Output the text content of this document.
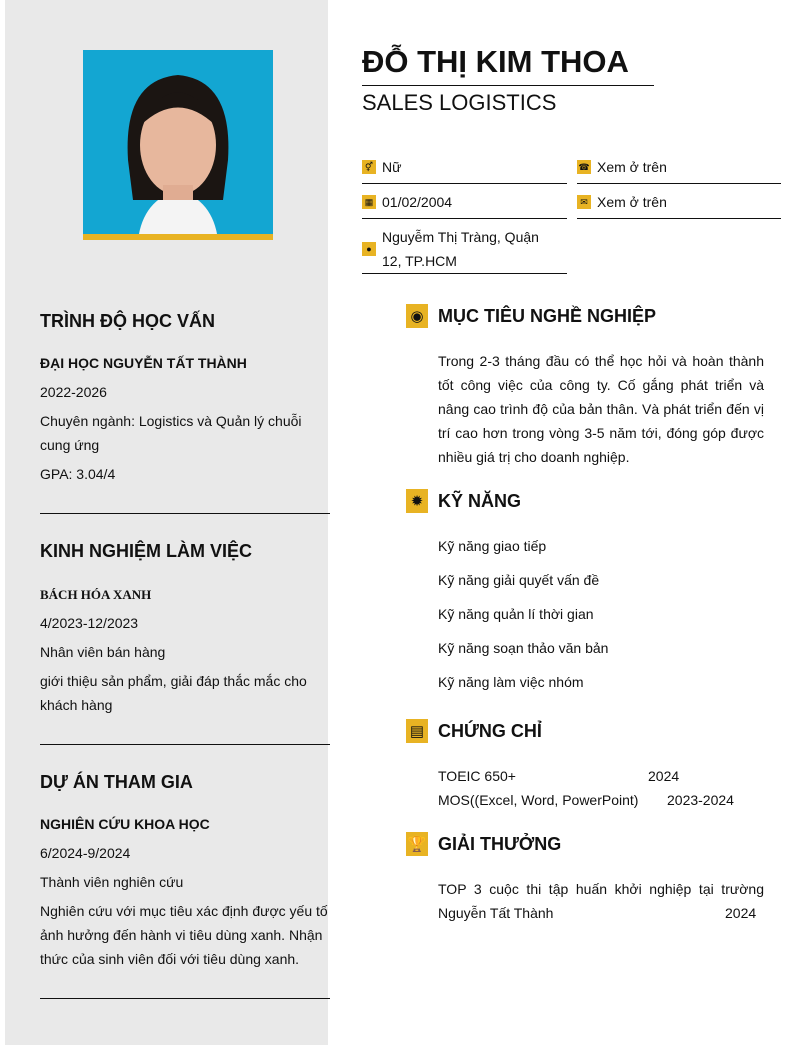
TRÌNH ĐỘ HỌC VẤN
ĐẠI HỌC NGUYỄN TẤT THÀNH
2022-2026
Chuyên ngành: Logistics và Quản lý chuỗi cung ứng
GPA: 3.04/4
KINH NGHIỆM LÀM VIỆC
BÁCH HÓA XANH
4/2023-12/2023
Nhân viên bán hàng
giới thiệu sản phẩm, giải đáp thắc mắc cho khách hàng
DỰ ÁN THAM GIA
NGHIÊN CỨU KHOA HỌC
6/2024-9/2024
Thành viên nghiên cứu
Nghiên cứu với mục tiêu xác định được yếu tố ảnh hưởng đến hành vi tiêu dùng xanh. Nhận thức của sinh viên đối với tiêu dùng xanh.
ĐỖ THỊ KIM THOA
SALES LOGISTICS
⚥ Nữ	☎ Xem ở trên
▦ 01/02/2004	✉ Xem ở trên
●
Nguyễm Thị Tràng, Quận 12, TP.HCM
◉ MỤC TIÊU NGHỀ NGHIỆP
Trong 2-3 tháng đầu có thể học hỏi và hoàn thành tốt công việc của công ty. Cố gắng phát triển và nâng cao trình độ của bản thân. Và phát triển đến vị trí cao hơn trong vòng 3-5 năm tới, đóng góp được nhiều giá trị cho doanh nghiệp.
✹ KỸ NĂNG
Kỹ năng giao tiếp
Kỹ năng giải quyết vấn đề
Kỹ năng quản lí thời gian
Kỹ năng soạn thảo văn bản
Kỹ năng làm việc nhóm
▤ CHỨNG CHỈ
TOEIC 650+	2024
MOS((Excel, Word, PowerPoint) 2023-2024
🏆 GIẢI THƯỞNG
TOP 3 cuộc thi tập huấn khởi nghiệp tại trường
Nguyễn Tất Thành	2024
